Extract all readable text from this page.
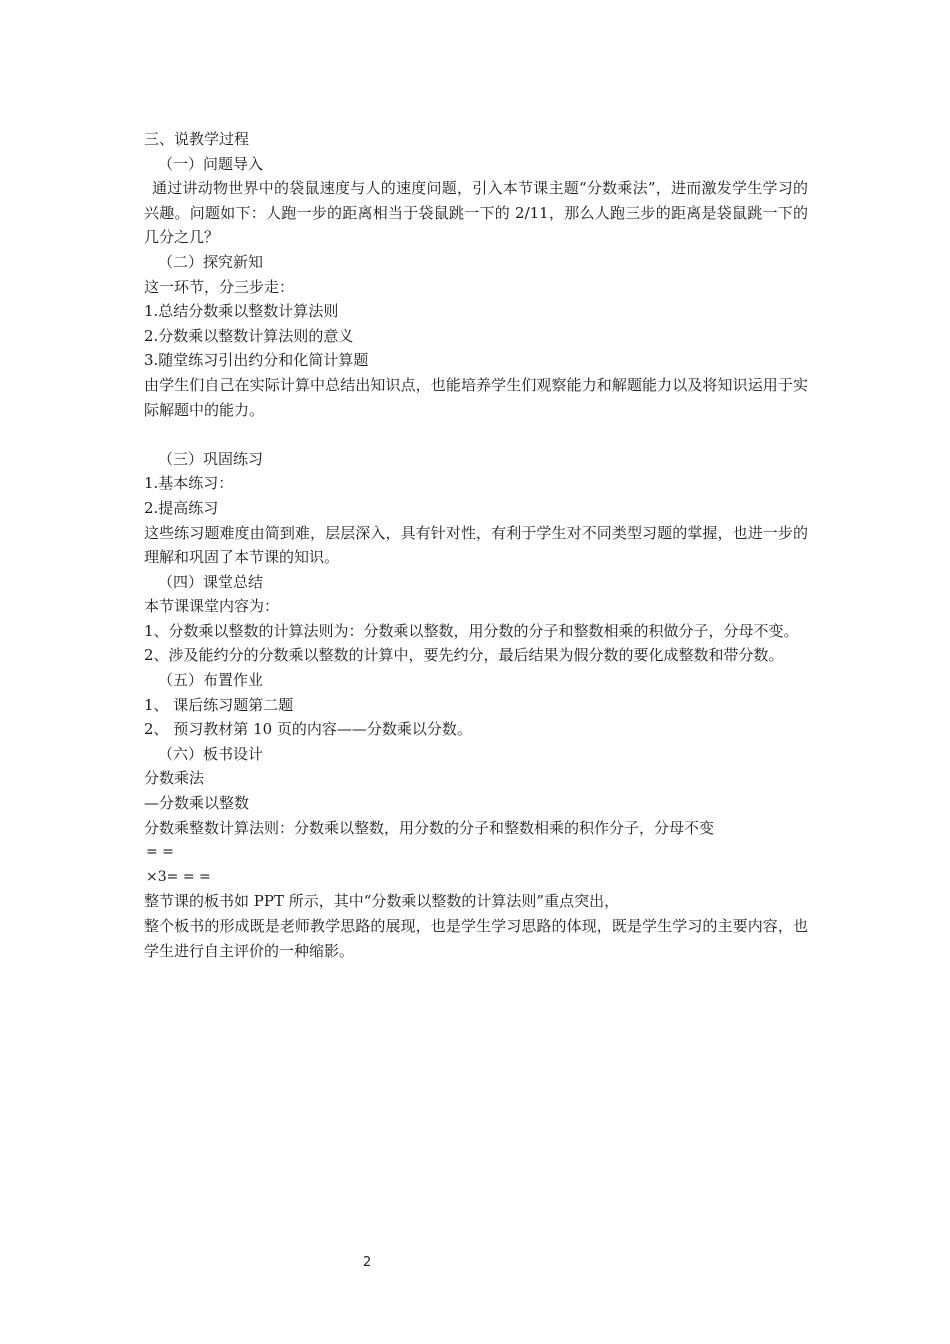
三、说教学过程

（一）问题导入

通过讲动物世界中的袋鼠速度与人的速度问题，引入本节课主题“分数乘法”，进而激发学生学习的兴趣。问题如下：人跑一步的距离相当于袋鼠跳一下的 2/11，那么人跑三步的距离是袋鼠跳一下的几分之几？

（二）探究新知

这一环节，分三步走：

1.总结分数乘以整数计算法则

2.分数乘以整数计算法则的意义

3.随堂练习引出约分和化简计算题

由学生们自己在实际计算中总结出知识点，也能培养学生们观察能力和解题能力以及将知识运用于实际解题中的能力。

（三）巩固练习

1.基本练习：

2.提高练习

这些练习题难度由简到难，层层深入，具有针对性，有利于学生对不同类型习题的掌握，也进一步的理解和巩固了本节课的知识。

（四）课堂总结

本节课课堂内容为：

1、分数乘以整数的计算法则为：分数乘以整数，用分数的分子和整数相乘的积做分子，分母不变。

2、涉及能约分的分数乘以整数的计算中，要先约分，最后结果为假分数的要化成整数和带分数。

（五）布置作业

1、 课后练习题第二题

2、 预习教材第 10 页的内容——分数乘以分数。

（六）板书设计

分数乘法

—分数乘以整数

分数乘整数计算法则：分数乘以整数，用分数的分子和整数相乘的积作分子，分母不变

= =

×3= = =

整节课的板书如 PPT 所示，其中“分数乘以整数的计算法则”重点突出，

整个板书的形成既是老师教学思路的展现，也是学生学习思路的体现，既是学生学习的主要内容，也学生进行自主评价的一种缩影。

2
